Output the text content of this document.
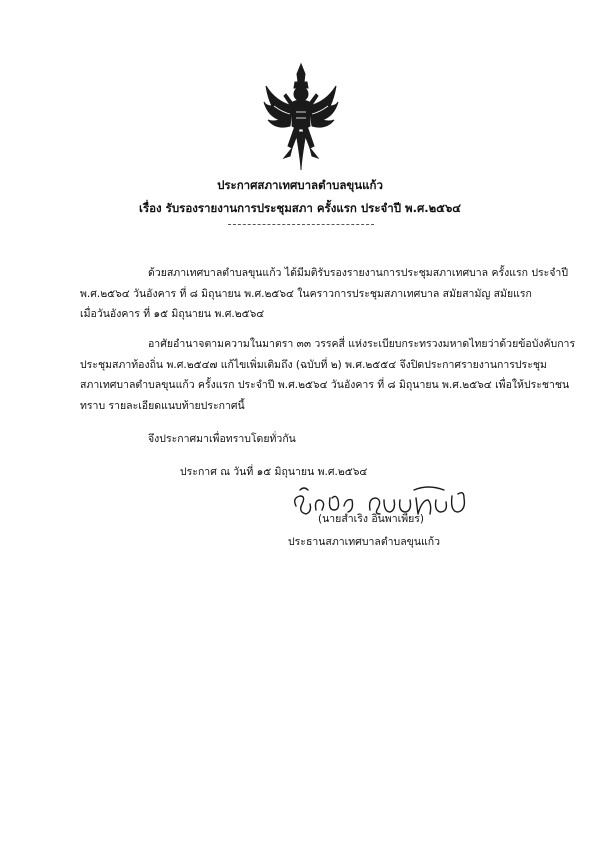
ประกาศสภาเทศบาลตำบลขุนแก้ว
เรื่อง รับรองรายงานการประชุมสภา ครั้งแรก ประจำปี พ.ศ.๒๕๖๔
ด้วยสภาเทศบาลตำบลขุนแก้ว ได้มีมติรับรองรายงานการประชุมสภาเทศบาล ครั้งแรก ประจำปี
พ.ศ.๒๕๖๔ วันอังคาร ที่ ๘ มิถุนายน พ.ศ.๒๕๖๔ ในคราวการประชุมสภาเทศบาล สมัยสามัญ สมัยแรก
เมื่อวันอังคาร ที่ ๑๕ มิถุนายน พ.ศ.๒๕๖๔
อาศัยอำนาจตามความในมาตรา ๓๓ วรรคสี่ แห่งระเบียบกระทรวงมหาดไทยว่าด้วยข้อบังคับการ
ประชุมสภาท้องถิ่น พ.ศ.๒๕๔๗ แก้ไขเพิ่มเติมถึง (ฉบับที่ ๒) พ.ศ.๒๕๕๔ จึงปิดประกาศรายงานการประชุม
สภาเทศบาลตำบลขุนแก้ว ครั้งแรก ประจำปี พ.ศ.๒๕๖๔ วันอังคาร ที่ ๘ มิถุนายน พ.ศ.๒๕๖๔ เพื่อให้ประชาชน
ทราบ รายละเอียดแนบท้ายประกาศนี้
จึงประกาศมาเพื่อทราบโดยทั่วกัน
ประกาศ ณ วันที่ ๑๕ มิถุนายน พ.ศ.๒๕๖๔
(นายสำเริง อินพาเพียร)
ประธานสภาเทศบาลตำบลขุนแก้ว
